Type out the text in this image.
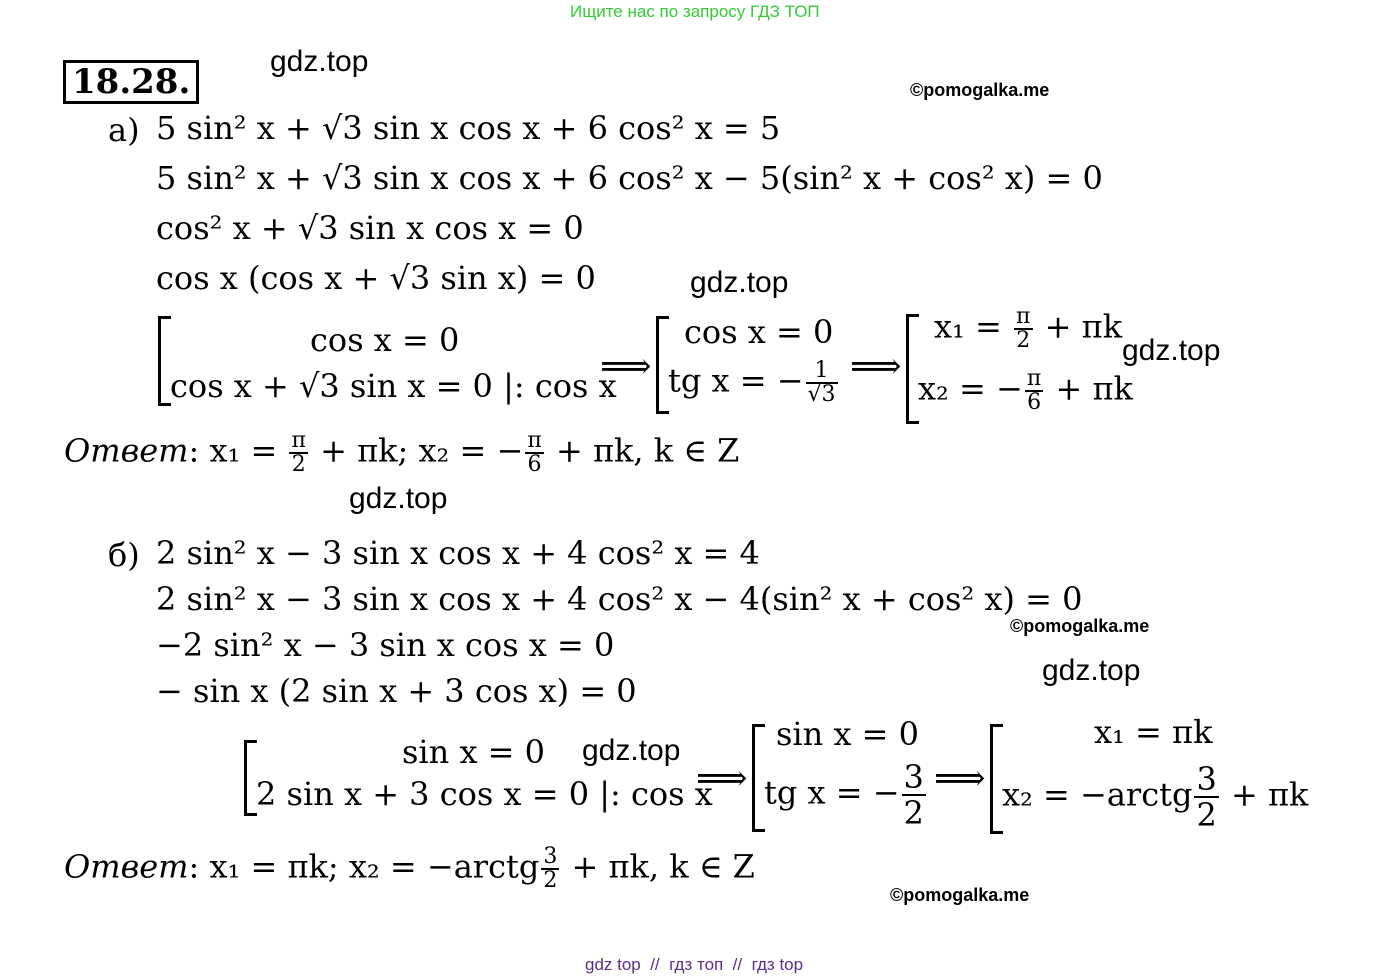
Ищите нас по запросу ГДЗ ТОП
18.28.
gdz.top
gdz.top
gdz.top
gdz.top
gdz.top
gdz.top
©pomogalka.me
©pomogalka.me
©pomogalka.me
а) 5 sin² x + √3 sin x cos x + 6 cos² x = 5
5 sin² x + √3 sin x cos x + 6 cos² x − 5(sin² x + cos² x) = 0
cos² x + √3 sin x cos x = 0
cos x (cos x + √3 sin x) = 0
cos x = 0
cos x + √3 sin x = 0 |: cos x
⟹
cos x = 0
tg x = − $\frac{1}{√3}$ ⟹
$x_1 = \frac{\pi}{2} + \pi k$
x₂ = − $\frac{\pi}{6} + \pi k$
Ответ: $x_1 = \frac{\pi}{2} + \pi k$; x₂ = − $\frac{\pi}{6} + \pi k$, k ∈ Z
б) 2 sin² x − 3 sin x cos x + 4 cos² x = 4
2 sin² x − 3 sin x cos x + 4 cos² x − 4(sin² x + cos² x) = 0
−2 sin² x − 3 sin x cos x = 0
− sin x (2 sin x + 3 cos x) = 0
sin x = 0
2 sin x + 3 cos x = 0 |: cos x
⟹
sin x = 0
tg x = − $\frac{3}{2}$ ⟹
x₁ = πk
x₂ = −arctg $\frac{3}{2} + \pi k$
Ответ: x₁ = πk; x₂ = −arctg $\frac{3}{2} + \pi k$, k ∈ Z
gdz top  //  гдз топ  //  гдз top
